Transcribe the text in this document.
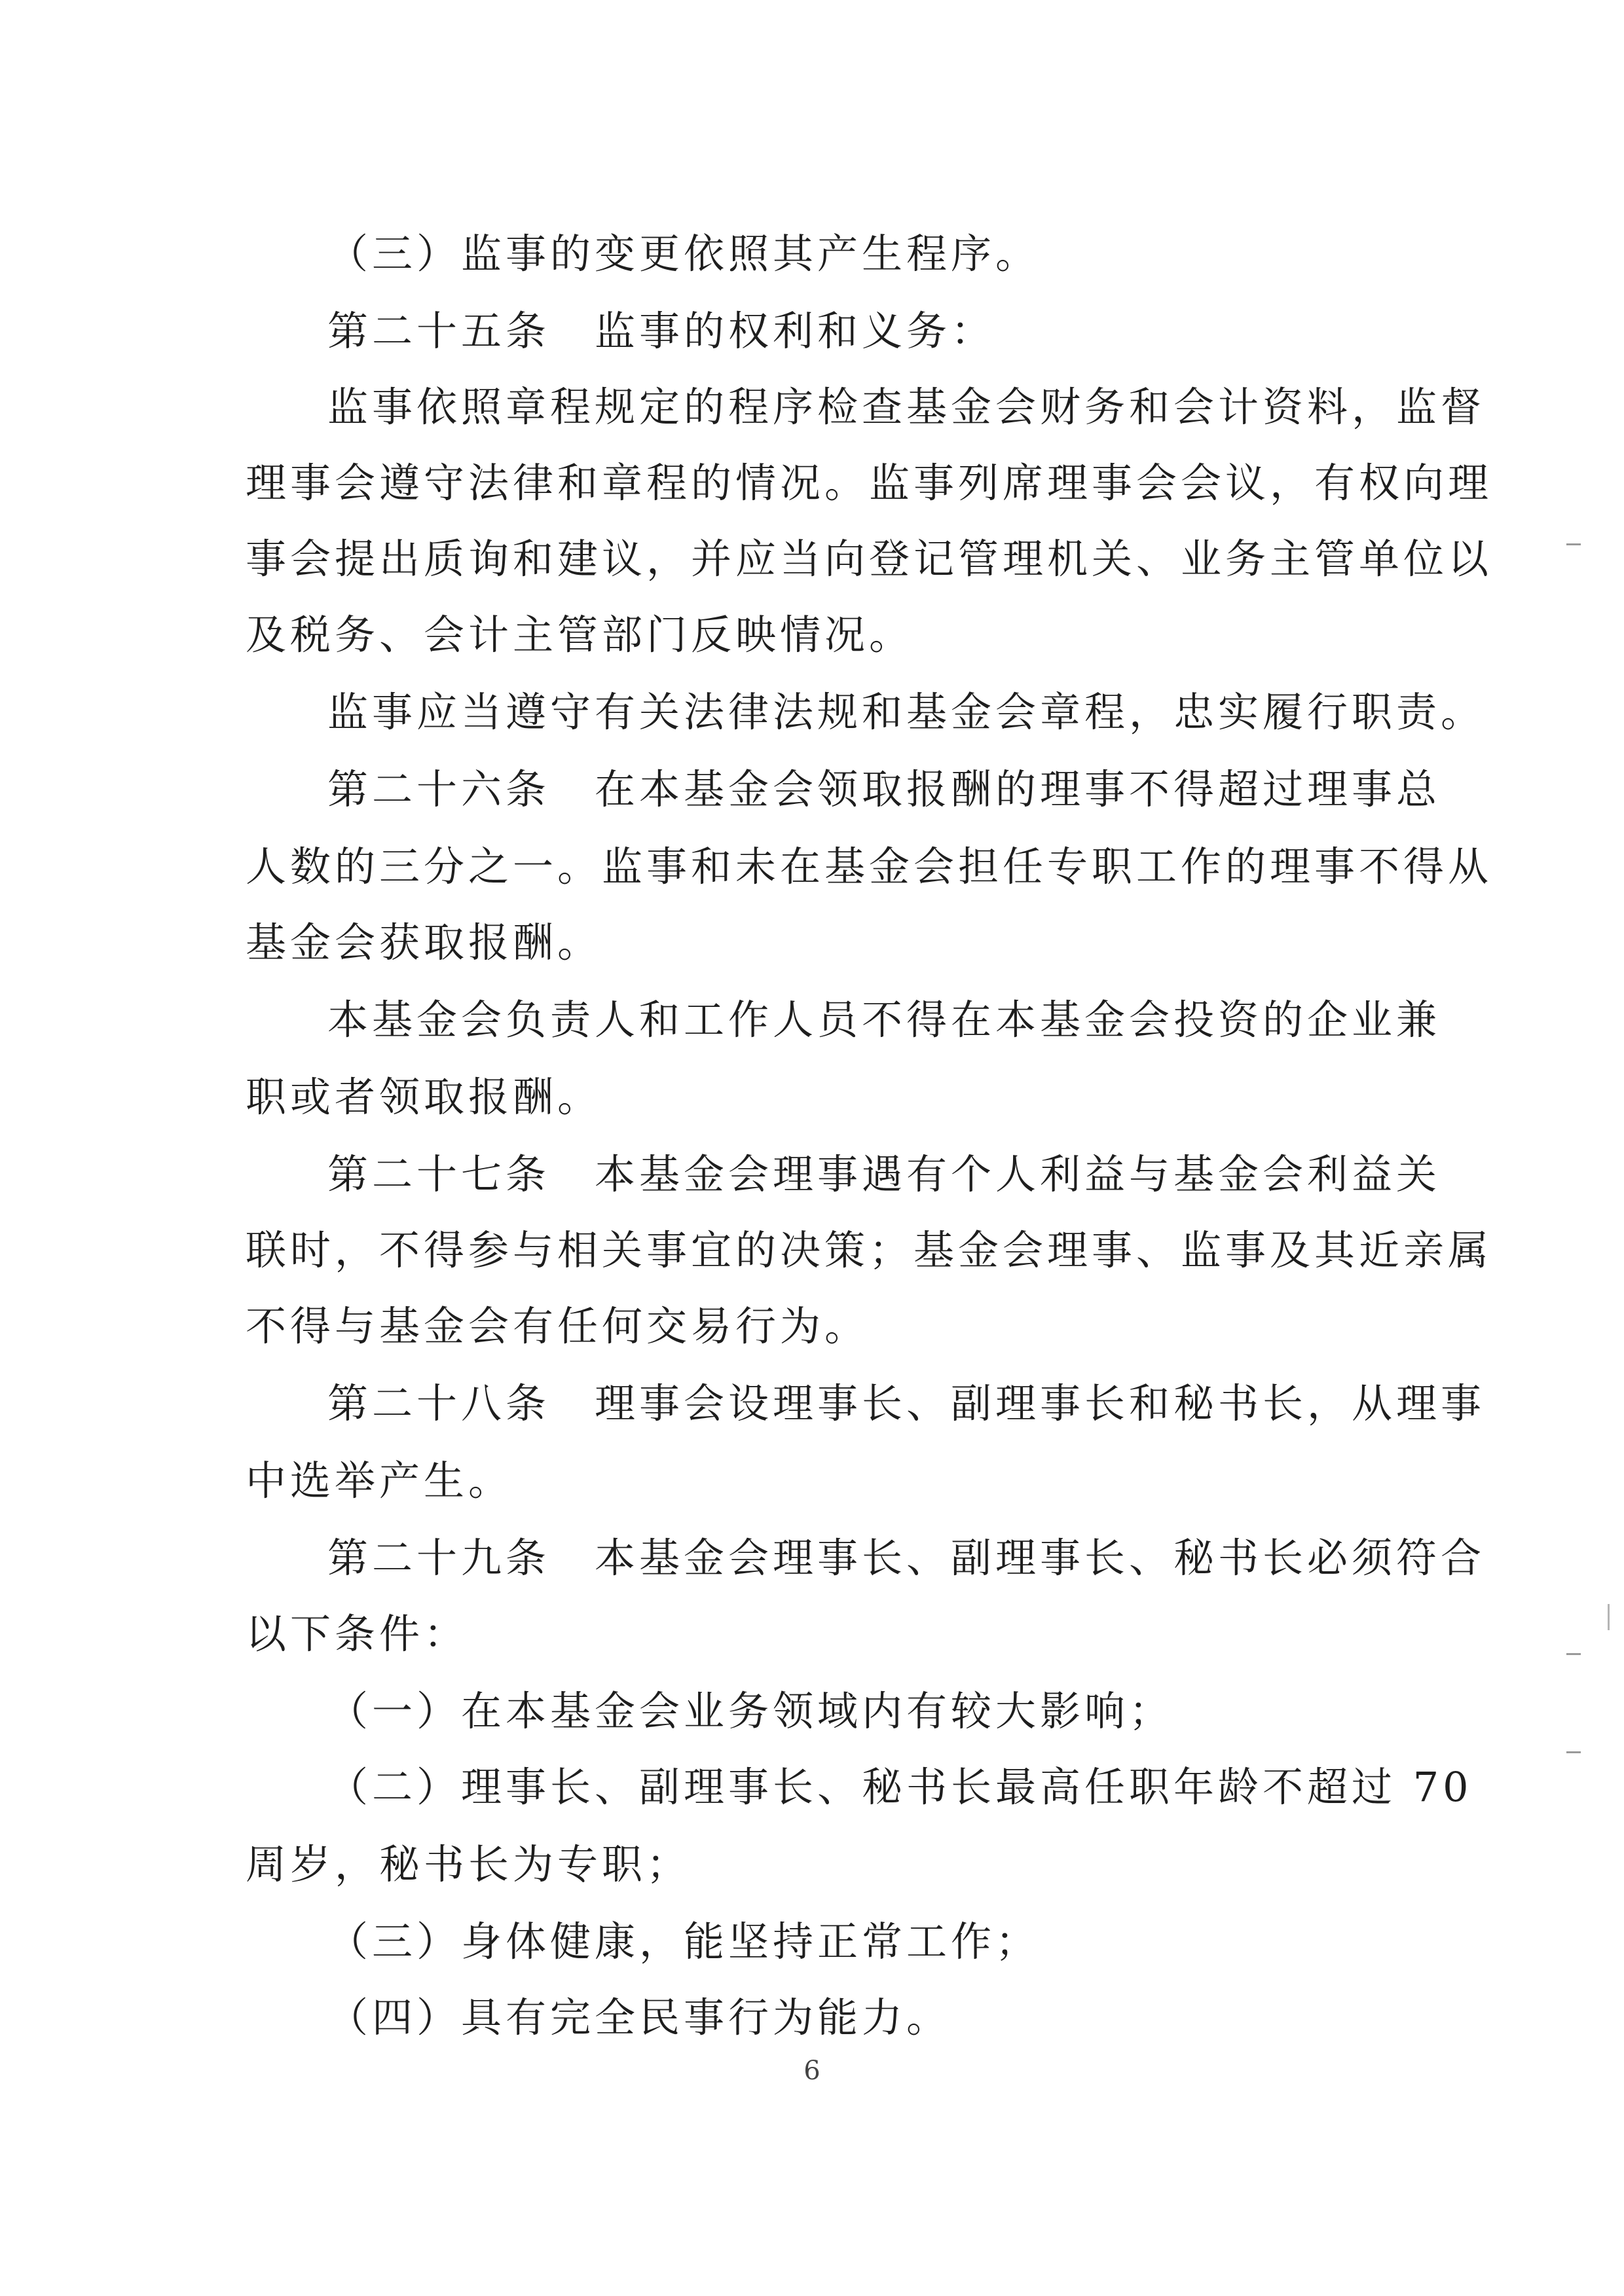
（三）监事的变更依照其产生程序。
第二十五条　监事的权利和义务：
监事依照章程规定的程序检查基金会财务和会计资料，监督
理事会遵守法律和章程的情况。监事列席理事会会议，有权向理
事会提出质询和建议，并应当向登记管理机关、业务主管单位以
及税务、会计主管部门反映情况。
监事应当遵守有关法律法规和基金会章程，忠实履行职责。
第二十六条　在本基金会领取报酬的理事不得超过理事总
人数的三分之一。监事和未在基金会担任专职工作的理事不得从
基金会获取报酬。
本基金会负责人和工作人员不得在本基金会投资的企业兼
职或者领取报酬。
第二十七条　本基金会理事遇有个人利益与基金会利益关
联时，不得参与相关事宜的决策；基金会理事、监事及其近亲属
不得与基金会有任何交易行为。
第二十八条　理事会设理事长、副理事长和秘书长，从理事
中选举产生。
第二十九条　本基金会理事长、副理事长、秘书长必须符合
以下条件：
（一）在本基金会业务领域内有较大影响；
（二）理事长、副理事长、秘书长最高任职年龄不超过 70
周岁，秘书长为专职；
（三）身体健康，能坚持正常工作；
（四）具有完全民事行为能力。
6
